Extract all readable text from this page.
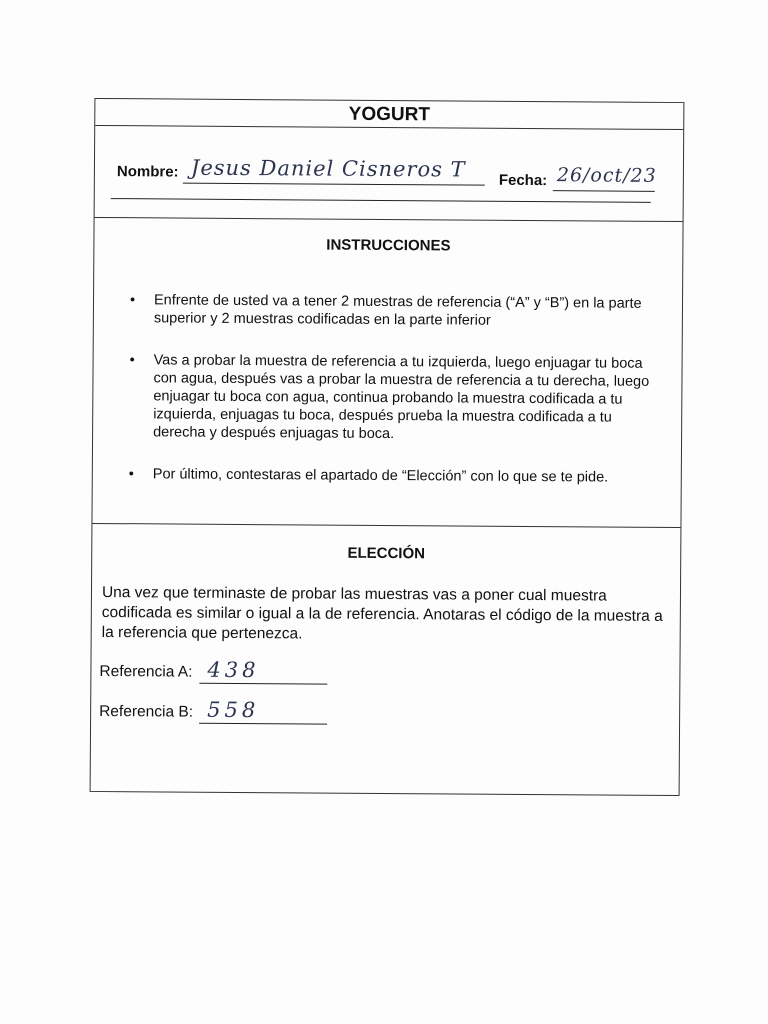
YOGURT
Nombre: Jesus Daniel Cisneros T Fecha: 26/oct/23
INSTRUCCIONES
• Enfrente de usted va a tener 2 muestras de referencia (“A” y “B”) en la parte superior y 2 muestras codificadas en la parte inferior
• Vas a probar la muestra de referencia a tu izquierda, luego enjuagar tu boca con agua, después vas a probar la muestra de referencia a tu derecha, luego enjuagar tu boca con agua, continua probando la muestra codificada a tu izquierda, enjuagas tu boca, después prueba la muestra codificada a tu derecha y después enjuagas tu boca.
• Por último, contestaras el apartado de “Elección” con lo que se te pide.
ELECCIÓN
Una vez que terminaste de probar las muestras vas a poner cual muestra codificada es similar o igual a la de referencia. Anotaras el código de la muestra a la referencia que pertenezca.
Referencia A: 438
Referencia B: 558
